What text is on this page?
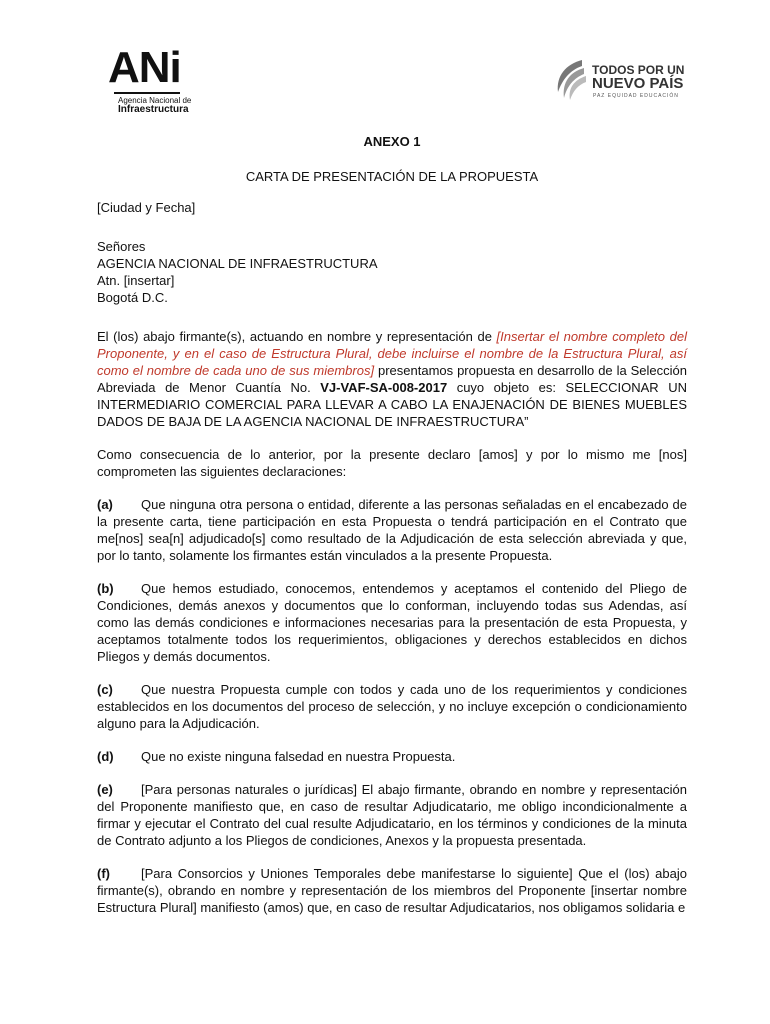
ANi
Agencia Nacional de
Infraestructura
TODOS POR UN
NUEVO PAÍS
PAZ EQUIDAD EDUCACIÓN

ANEXO 1

CARTA DE PRESENTACIÓN DE LA PROPUESTA

[Ciudad y Fecha]

Señores

AGENCIA NACIONAL DE INFRAESTRUCTURA

Atn. [insertar]

Bogotá D.C.

El (los) abajo firmante(s), actuando en nombre y representación de [Insertar el nombre completo del Proponente, y en el caso de Estructura Plural, debe incluirse el nombre de la Estructura Plural, así como el nombre de cada uno de sus miembros] presentamos propuesta en desarrollo de la Selección Abreviada de Menor Cuantía No. VJ-VAF-SA-008-2017 cuyo objeto es: SELECCIONAR UN INTERMEDIARIO COMERCIAL PARA LLEVAR A CABO LA ENAJENACIÓN DE BIENES MUEBLES DADOS DE BAJA DE LA AGENCIA NACIONAL DE INFRAESTRUCTURA”

Como consecuencia de lo anterior, por la presente declaro [amos] y por lo mismo me [nos] comprometen las siguientes declaraciones:

(a) Que ninguna otra persona o entidad, diferente a las personas señaladas en el encabezado de la presente carta, tiene participación en esta Propuesta o tendrá participación en el Contrato que me[nos] sea[n] adjudicado[s] como resultado de la Adjudicación de esta selección abreviada y que, por lo tanto, solamente los firmantes están vinculados a la presente Propuesta.

(b) Que hemos estudiado, conocemos, entendemos y aceptamos el contenido del Pliego de Condiciones, demás anexos y documentos que lo conforman, incluyendo todas sus Adendas, así como las demás condiciones e informaciones necesarias para la presentación de esta Propuesta, y aceptamos totalmente todos los requerimientos, obligaciones y derechos establecidos en dichos Pliegos y demás documentos.

(c) Que nuestra Propuesta cumple con todos y cada uno de los requerimientos y condiciones establecidos en los documentos del proceso de selección, y no incluye excepción o condicionamiento alguno para la Adjudicación.

(d) Que no existe ninguna falsedad en nuestra Propuesta.

(e) [Para personas naturales o jurídicas] El abajo firmante, obrando en nombre y representación del Proponente manifiesto que, en caso de resultar Adjudicatario, me obligo incondicionalmente a firmar y ejecutar el Contrato del cual resulte Adjudicatario, en los términos y condiciones de la minuta de Contrato adjunto a los Pliegos de condiciones, Anexos y la propuesta presentada.

(f) [Para Consorcios y Uniones Temporales debe manifestarse lo siguiente] Que el (los) abajo firmante(s), obrando en nombre y representación de los miembros del Proponente [insertar nombre Estructura Plural] manifiesto (amos) que, en caso de resultar Adjudicatarios, nos obligamos solidaria e
